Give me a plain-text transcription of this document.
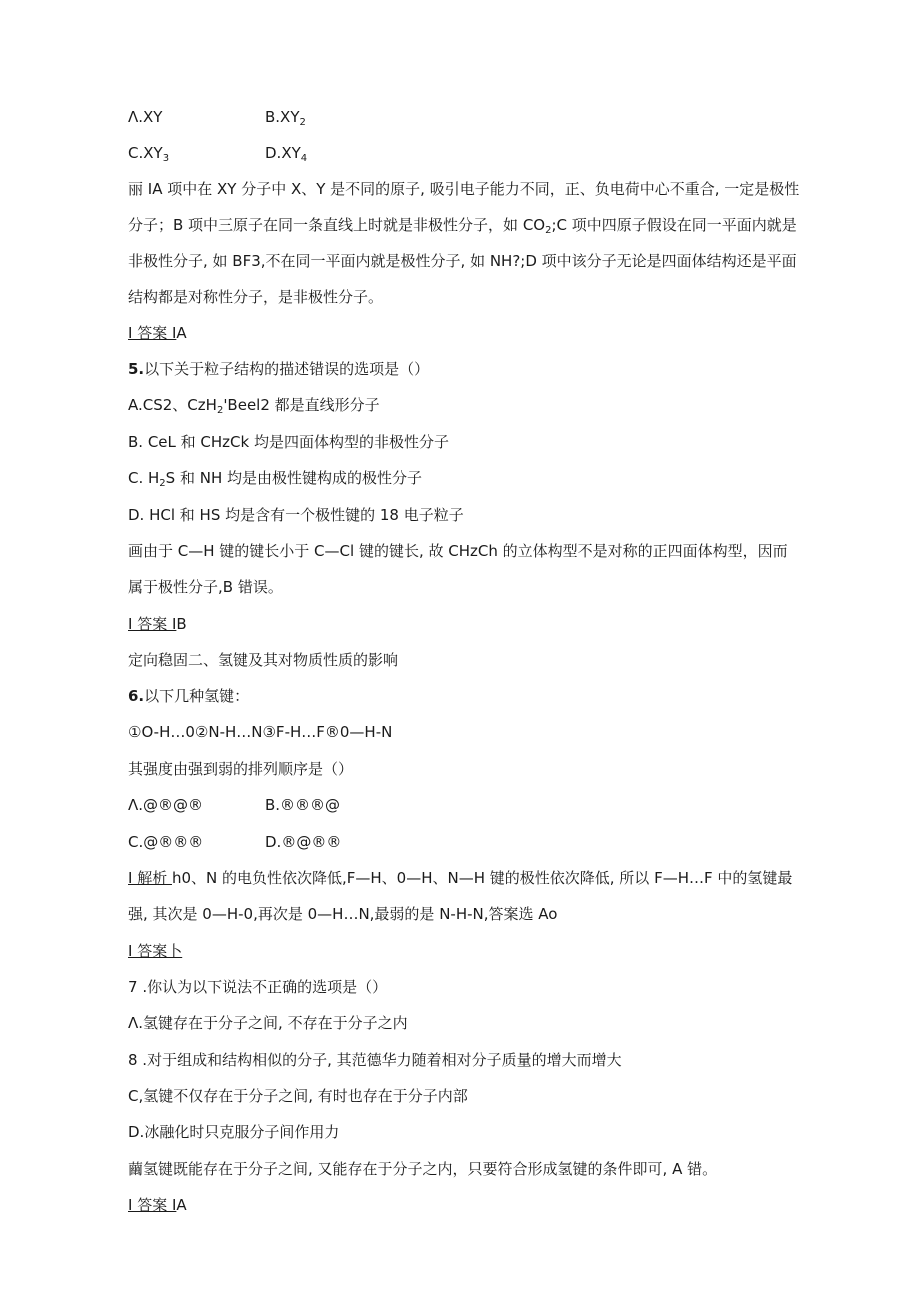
Λ.XY	$B.XY_2$
$C.XY_3$	$D.XY_4$
丽 IA 项中在 XY 分子中 X、Y 是不同的原子, 吸引电子能力不同，正、负电荷中心不重合, 一定是极性
分子；B 项中三原子在同一条直线上时就是非极性分子，如 $CO_2;C$ 项中四原子假设在同一平面内就是
非极性分子, 如 BF3,不在同一平面内就是极性分子, 如 NH?;D 项中该分子无论是四面体结构还是平面
结构都是对称性分子，是非极性分子。
I 答案 IA
5.以下关于粒子结构的描述错误的选项是（）
A.CS2、CzH$_2$'Beel2 都是直线形分子
B. CeL 和 CHzCk 均是四面体构型的非极性分子
C. $H_2S$ 和 NH 均是由极性键构成的极性分子
D. HCl 和 HS 均是含有一个极性键的 18 电子粒子
画由于 C—H 键的键长小于 C—Cl 键的键长, 故 CHzCh 的立体构型不是对称的正四面体构型，因而
属于极性分子,B 错误。
I 答案 IB
定向稳固二、氢键及其对物质性质的影响
6.以下几种氢键：
①O-H…0②N-H…N③F-H…F®0—H-N
其强度由强到弱的排列顺序是（）
Λ.@®@®	B.®®®@
C.@®®®	D.®@®®
I 解析 h0、N 的电负性依次降低,F—H、0—H、N—H 键的极性依次降低, 所以 F—H…F 中的氢键最
强, 其次是 0—H-0,再次是 0—H…N,最弱的是 N-H-N,答案选 Ao
I 答案卜
7 .你认为以下说法不正确的选项是（）
Λ.氢键存在于分子之间, 不存在于分子之内
8 .对于组成和结构相似的分子, 其范德华力随着相对分子质量的增大而增大
C,氢键不仅存在于分子之间, 有时也存在于分子内部
D.冰融化时只克服分子间作用力
繭氢键既能存在于分子之间, 又能存在于分子之内，只要符合形成氢键的条件即可, A 错。
I 答案 IA
